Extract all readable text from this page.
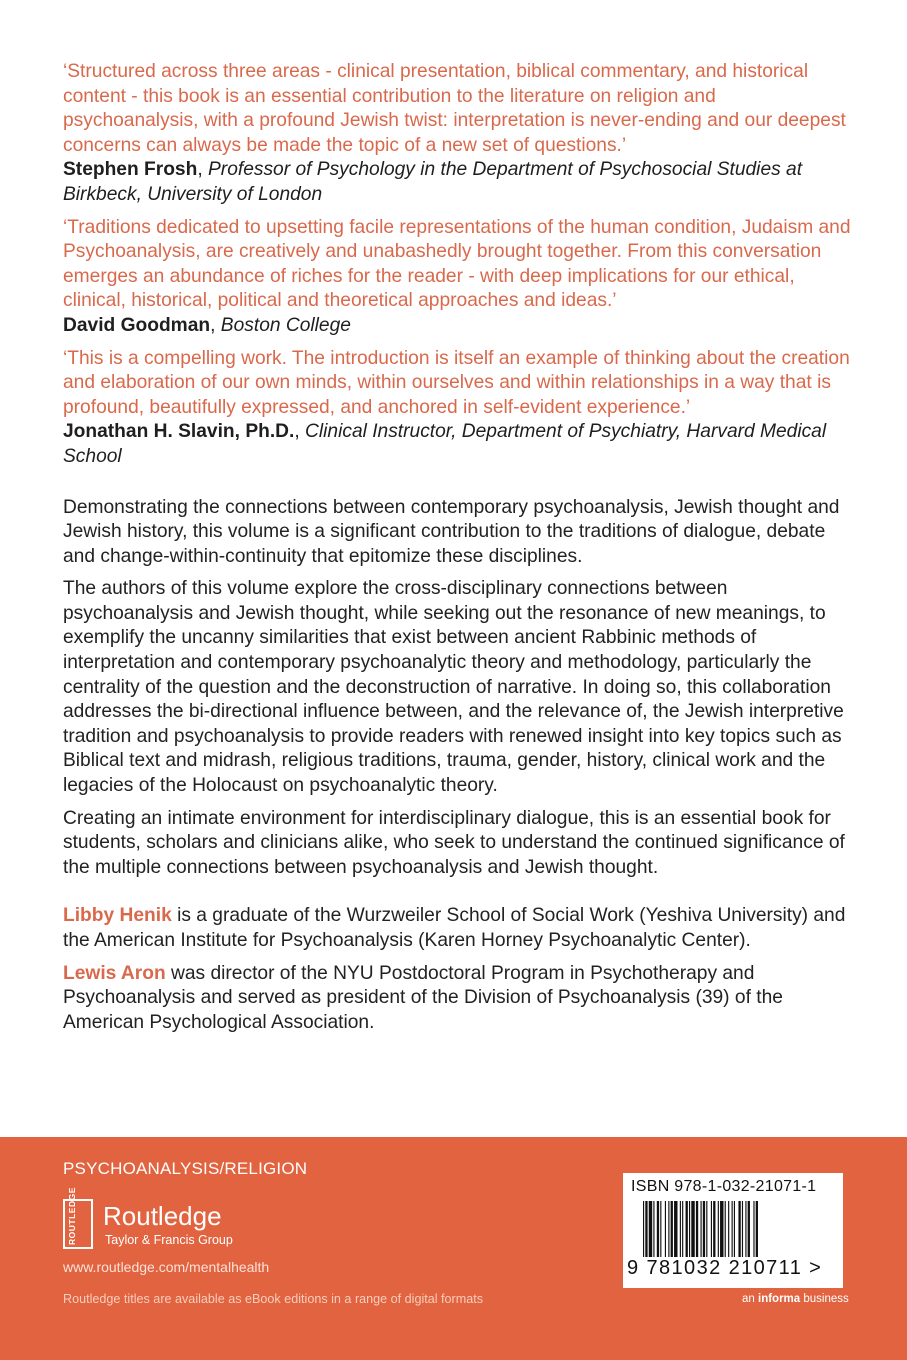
‘Structured across three areas - clinical presentation, biblical commentary, and historical content - this book is an essential contribution to the literature on religion and psychoanalysis, with a profound Jewish twist: interpretation is never-ending and our deepest concerns can always be made the topic of a new set of questions.’

Stephen Frosh, Professor of Psychology in the Department of Psychosocial Studies at Birkbeck, University of London

‘Traditions dedicated to upsetting facile representations of the human condition, Judaism and Psychoanalysis, are creatively and unabashedly brought together. From this conversation emerges an abundance of riches for the reader - with deep implications for our ethical, clinical, historical, political and theoretical approaches and ideas.’

David Goodman, Boston College

‘This is a compelling work. The introduction is itself an example of thinking about the creation and elaboration of our own minds, within ourselves and within relationships in a way that is profound, beautifully expressed, and anchored in self-evident experience.’

Jonathan H. Slavin, Ph.D., Clinical Instructor, Department of Psychiatry, Harvard Medical School

Demonstrating the connections between contemporary psychoanalysis, Jewish thought and Jewish history, this volume is a significant contribution to the traditions of dialogue, debate and change-within-continuity that epitomize these disciplines.

The authors of this volume explore the cross-disciplinary connections between psychoanalysis and Jewish thought, while seeking out the resonance of new meanings, to exemplify the uncanny similarities that exist between ancient Rabbinic methods of interpretation and contemporary psychoanalytic theory and methodology, particularly the centrality of the question and the deconstruction of narrative. In doing so, this collaboration addresses the bi-directional influence between, and the relevance of, the Jewish interpretive tradition and psychoanalysis to provide readers with renewed insight into key topics such as Biblical text and midrash, religious traditions, trauma, gender, history, clinical work and the legacies of the Holocaust on psychoanalytic theory.

Creating an intimate environment for interdisciplinary dialogue, this is an essential book for students, scholars and clinicians alike, who seek to understand the continued significance of the multiple connections between psychoanalysis and Jewish thought.

Libby Henik is a graduate of the Wurzweiler School of Social Work (Yeshiva University) and the American Institute for Psychoanalysis (Karen Horney Psychoanalytic Center).

Lewis Aron was director of the NYU Postdoctoral Program in Psychotherapy and Psychoanalysis and served as president of the Division of Psychoanalysis (39) of the American Psychological Association.

PSYCHOANALYSIS/RELIGION
ROUTLEDGE Routledge
Taylor & Francis Group
www.routledge.com/mentalhealth
Routledge titles are available as eBook editions in a range of digital formats
ISBN 978-1-032-21071-1
9 781032 210711 >
an informa business
